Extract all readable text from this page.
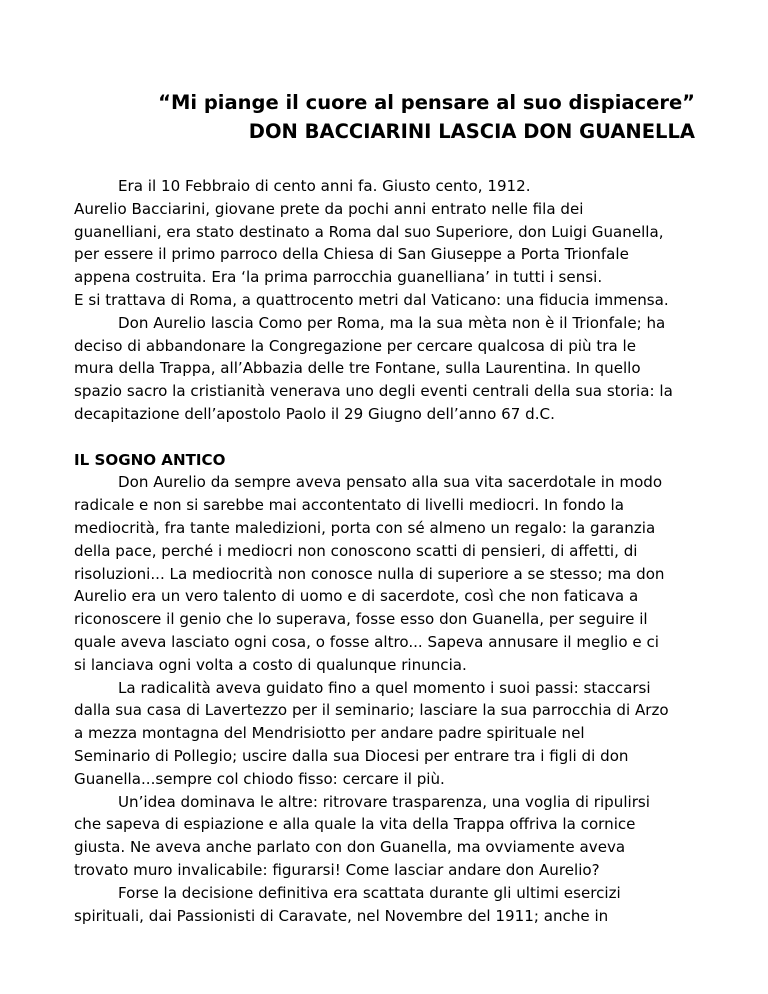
“Mi piange il cuore al pensare al suo dispiacere”
DON BACCIARINI LASCIA DON GUANELLA
Era il 10 Febbraio di cento anni fa. Giusto cento, 1912.
Aurelio Bacciarini, giovane prete da pochi anni entrato nelle fila dei
guanelliani, era stato destinato a Roma dal suo Superiore, don Luigi Guanella,
per essere il primo parroco della Chiesa di San Giuseppe a Porta Trionfale
appena costruita. Era ‘la prima parrocchia guanelliana’ in tutti i sensi.
E si trattava di Roma, a quattrocento metri dal Vaticano: una fiducia immensa.
Don Aurelio lascia Como per Roma, ma la sua mèta non è il Trionfale; ha
deciso di abbandonare la Congregazione per cercare qualcosa di più tra le
mura della Trappa, all’Abbazia delle tre Fontane, sulla Laurentina. In quello
spazio sacro la cristianità venerava uno degli eventi centrali della sua storia: la
decapitazione dell’apostolo Paolo il 29 Giugno dell’anno 67 d.C.
IL SOGNO ANTICO
Don Aurelio da sempre aveva pensato alla sua vita sacerdotale in modo
radicale e non si sarebbe mai accontentato di livelli mediocri. In fondo la
mediocrità, fra tante maledizioni, porta con sé almeno un regalo: la garanzia
della pace, perché i mediocri non conoscono scatti di pensieri, di affetti, di
risoluzioni... La mediocrità non conosce nulla di superiore a se stesso; ma don
Aurelio era un vero talento di uomo e di sacerdote, così che non faticava a
riconoscere il genio che lo superava, fosse esso don Guanella, per seguire il
quale aveva lasciato ogni cosa, o fosse altro... Sapeva annusare il meglio e ci
si lanciava ogni volta a costo di qualunque rinuncia.
La radicalità aveva guidato fino a quel momento i suoi passi: staccarsi
dalla sua casa di Lavertezzo per il seminario; lasciare la sua parrocchia di Arzo
a mezza montagna del Mendrisiotto per andare padre spirituale nel
Seminario di Pollegio; uscire dalla sua Diocesi per entrare tra i figli di don
Guanella...sempre col chiodo fisso: cercare il più.
Un’idea dominava le altre: ritrovare trasparenza, una voglia di ripulirsi
che sapeva di espiazione e alla quale la vita della Trappa offriva la cornice
giusta. Ne aveva anche parlato con don Guanella, ma ovviamente aveva
trovato muro invalicabile: figurarsi! Come lasciar andare don Aurelio?
Forse la decisione definitiva era scattata durante gli ultimi esercizi
spirituali, dai Passionisti di Caravate, nel Novembre del 1911; anche in
